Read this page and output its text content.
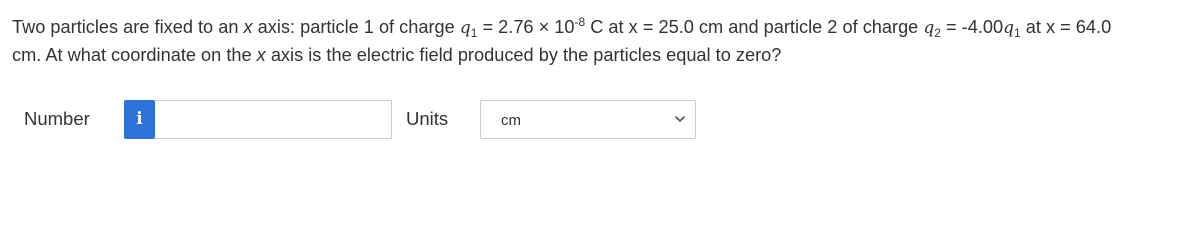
Two particles are fixed to an x axis: particle 1 of charge $q_1 = 2.76 \times 10^{-8}$ C at x = 25.0 cm and particle 2 of charge $q_2 = -4.00q_1$ at x = 64.0
cm. At what coordinate on the x axis is the electric field produced by the particles equal to zero?
Number	i	Units	cm
